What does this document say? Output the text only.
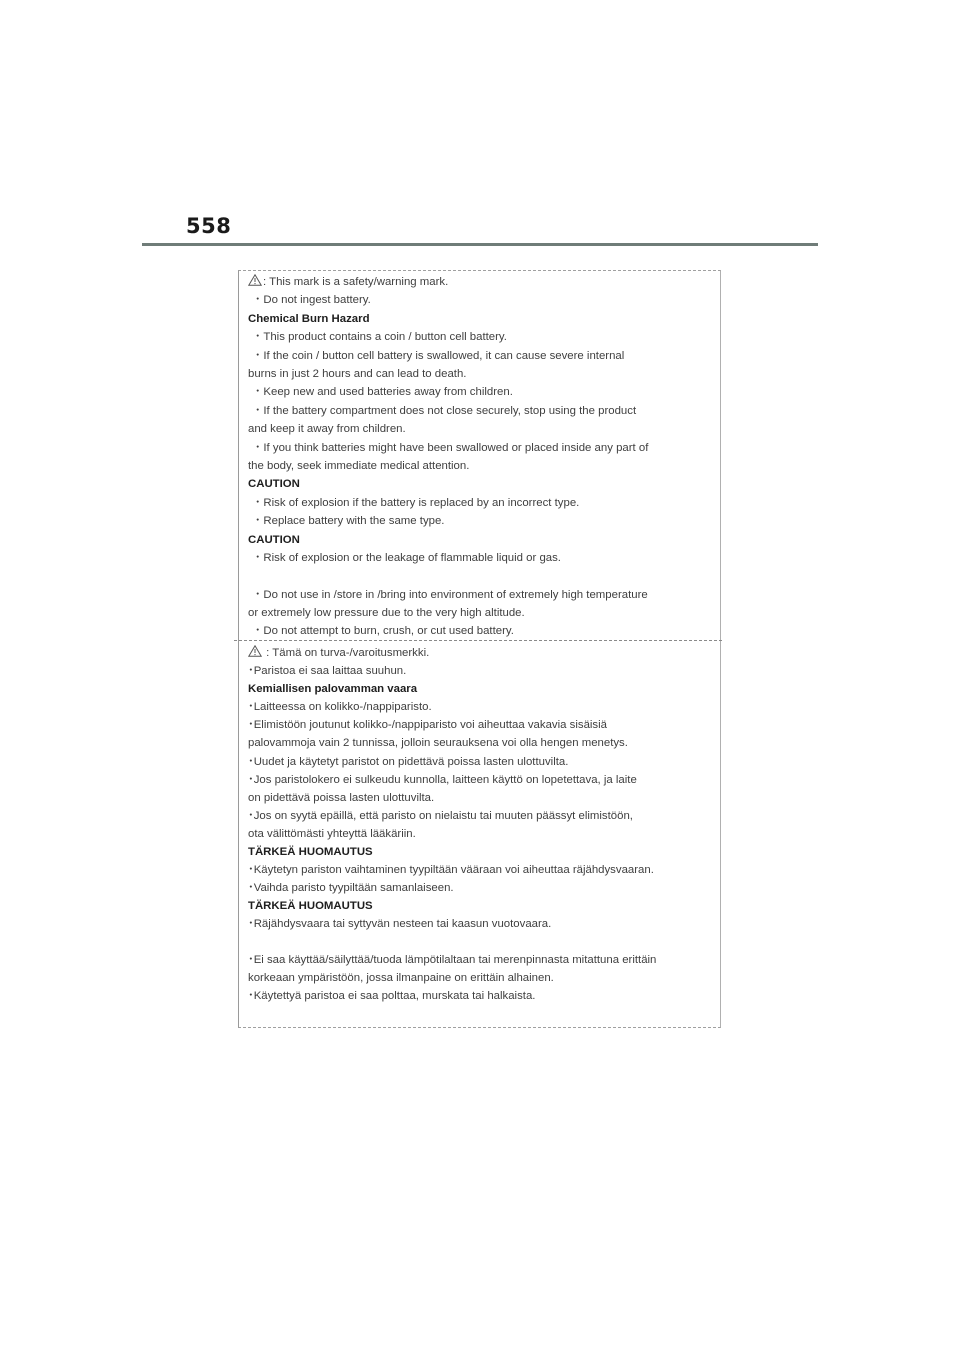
558
: This mark is a safety/warning mark.
・Do not ingest battery.
Chemical Burn Hazard
・This product contains a coin / button cell battery.
・If the coin / button cell battery is swallowed, it can cause severe internal
burns in just 2 hours and can lead to death.
・Keep new and used batteries away from children.
・If the battery compartment does not close securely, stop using the product
and keep it away from children.
・If you think batteries might have been swallowed or placed inside any part of
the body, seek immediate medical attention.
CAUTION
・Risk of explosion if the battery is replaced by an incorrect type.
・Replace battery with the same type.
CAUTION
・Risk of explosion or the leakage of flammable liquid or gas.
・Do not use in /store in /bring into environment of extremely high temperature
or extremely low pressure due to the very high altitude.
・Do not attempt to burn, crush, or cut used battery.
: Tämä on turva-/varoitusmerkki.
･Paristoa ei saa laittaa suuhun.
Kemiallisen palovamman vaara
･Laitteessa on kolikko-/nappiparisto.
･Elimistöön joutunut kolikko-/nappiparisto voi aiheuttaa vakavia sisäisiä
palovammoja vain 2 tunnissa, jolloin seurauksena voi olla hengen menetys.
･Uudet ja käytetyt paristot on pidettävä poissa lasten ulottuvilta.
･Jos paristolokero ei sulkeudu kunnolla, laitteen käyttö on lopetettava, ja laite
on pidettävä poissa lasten ulottuvilta.
･Jos on syytä epäillä, että paristo on nielaistu tai muuten päässyt elimistöön,
ota välittömästi yhteyttä lääkäriin.
TÄRKEÄ HUOMAUTUS
･Käytetyn pariston vaihtaminen tyypiltään vääraan voi aiheuttaa räjähdysvaaran.
･Vaihda paristo tyypiltään samanlaiseen.
TÄRKEÄ HUOMAUTUS
･Räjähdysvaara tai syttyvän nesteen tai kaasun vuotovaara.
･Ei saa käyttää/säilyttää/tuoda lämpötilaltaan tai merenpinnasta mitattuna erittäin
korkeaan ympäristöön, jossa ilmanpaine on erittäin alhainen.
･Käytettyä paristoa ei saa polttaa, murskata tai halkaista.
